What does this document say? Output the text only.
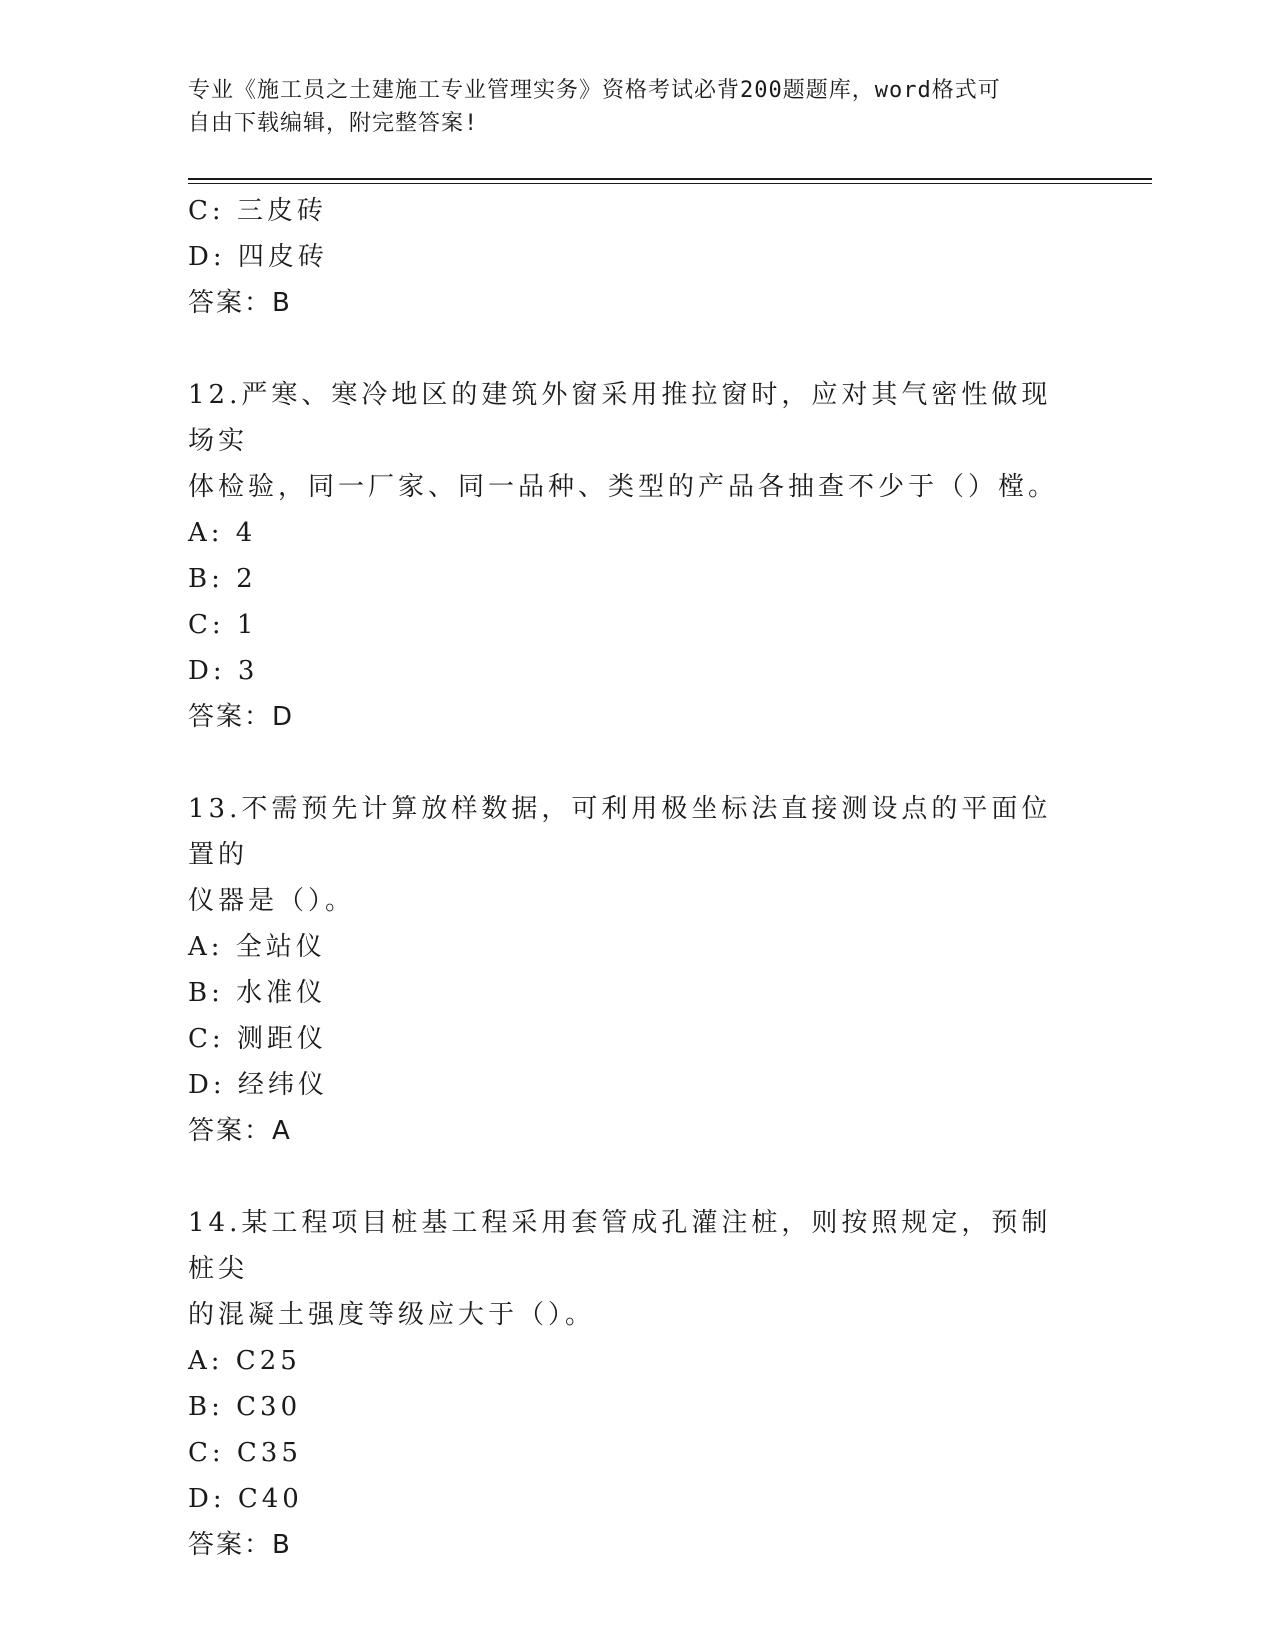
专业《施工员之土建施工专业管理实务》资格考试必背200题题库，word格式可
自由下载编辑，附完整答案!
C: 三皮砖
D: 四皮砖
答案：B
12.严寒、寒冷地区的建筑外窗采用推拉窗时，应对其气密性做现场实
体检验，同一厂家、同一品种、类型的产品各抽查不少于（）樘。
A: 4
B: 2
C: 1
D: 3
答案：D
13.不需预先计算放样数据，可利用极坐标法直接测设点的平面位置的
仪器是（）。
A: 全站仪
B: 水准仪
C: 测距仪
D: 经纬仪
答案：A
14.某工程项目桩基工程采用套管成孔灌注桩，则按照规定，预制桩尖
的混凝土强度等级应大于（）。
A: C25
B: C30
C: C35
D: C40
答案：B
